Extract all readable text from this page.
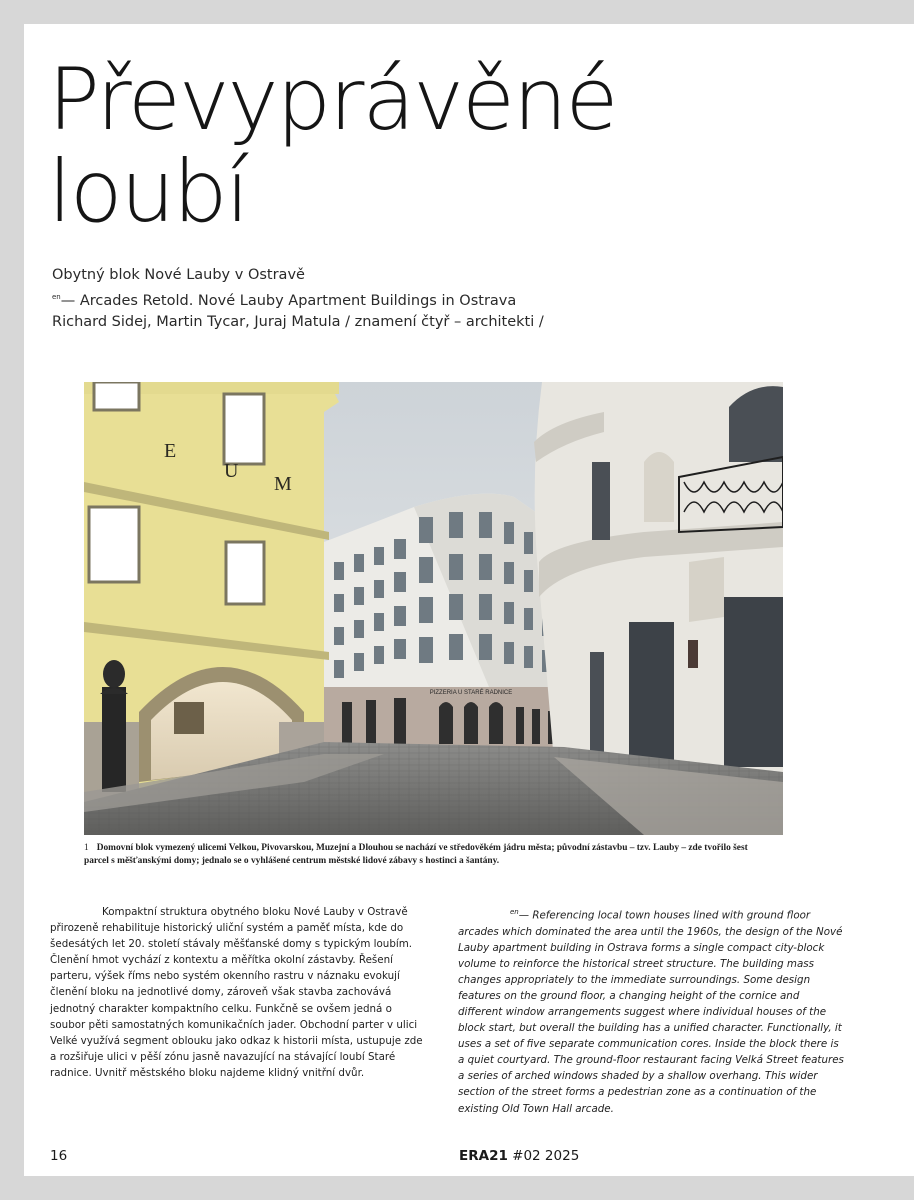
Převyprávěné
loubí
Obytný blok Nové Lauby v Ostravě
$^{en}$— Arcades Retold. Nové Lauby Apartment Buildings in Ostrava
Richard Sidej, Martin Tycar, Juraj Matula / znamení čtyř – architekti /
PIZZERIA U STARÉ RADNICE
E
U
M
1 Domovní blok vymezený ulicemi Velkou, Pivovarskou, Muzejní a Dlouhou se nachází ve středověkém jádru města; původní zástavbu – tzv. Lauby – zde tvořilo šest parcel s měšťanskými domy; jednalo se o vyhlášené centrum městské lidové zábavy s hostinci a šantány.

Kompaktní struktura obytného bloku Nové Lauby v Ostravě přirozeně rehabilituje historický uliční systém a paměť místa, kde do šedesátých let 20. století stávaly měšťanské domy s typickým loubím. Členění hmot vychází z kontextu a měřítka okolní zástavby. Řešení parteru, výšek říms nebo systém okenního rastru v náznaku evokují členění bloku na jednotlivé domy, zároveň však stavba zachovává jednotný charakter kompaktního celku. Funkčně se ovšem jedná o soubor pěti samostatných komunikačních jader. Obchodní parter v ulici Velké využívá segment oblouku jako odkaz k historii místa, ustupuje zde a rozšiřuje ulici v pěší zónu jasně navazující na stávající loubí Staré radnice. Uvnitř městského bloku najdeme klidný vnitřní dvůr.

$^{en}$— Referencing local town houses lined with ground floor arcades which dominated the area until the 1960s, the design of the Nové Lauby apartment building in Ostrava forms a single compact city-block volume to reinforce the historical street structure. The building mass changes appropriately to the immediate surroundings. Some design features on the ground floor, a changing height of the cornice and different window arrangements suggest where individual houses of the block start, but overall the building has a unified character. Functionally, it uses a set of five separate communication cores. Inside the block there is a quiet courtyard. The ground-floor restaurant facing Velká Street features a series of arched windows shaded by a shallow overhang. This wider section of the street forms a pedestrian zone as a continuation of the existing Old Town Hall arcade.

16	ERA21 #02 2025
